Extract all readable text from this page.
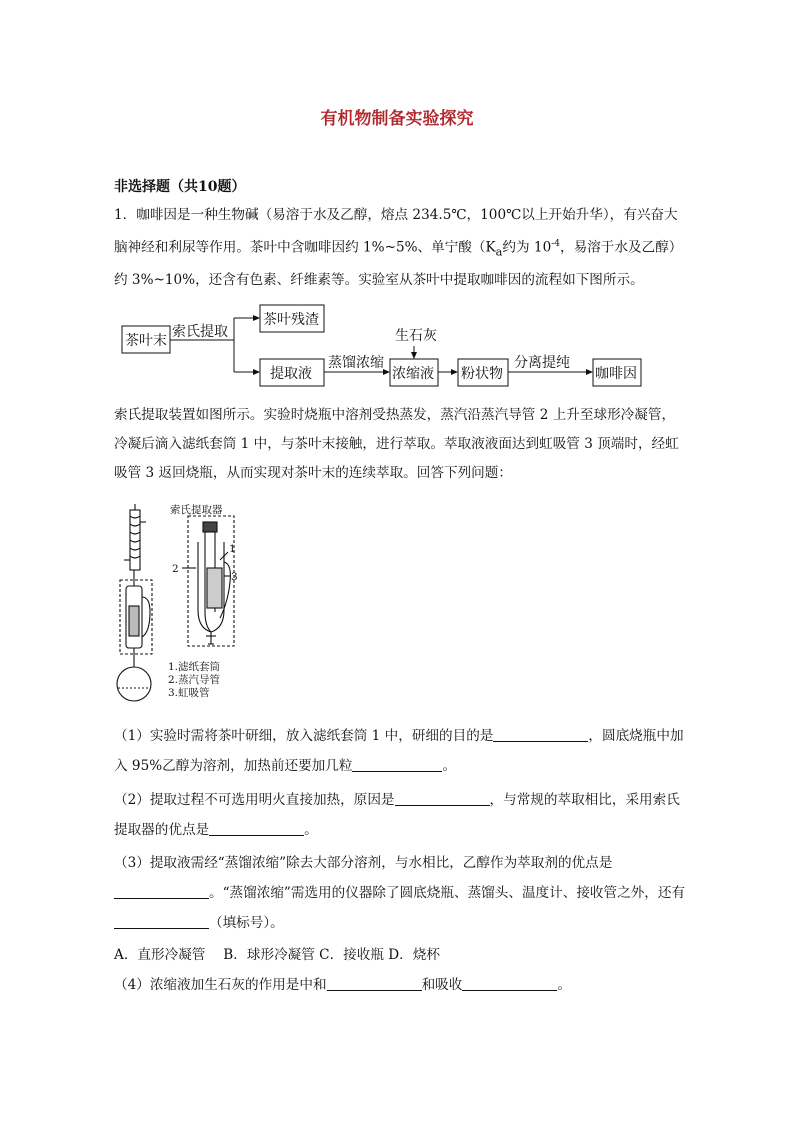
有机物制备实验探究
非选择题（共10题）
1．咖啡因是一种生物碱（易溶于水及乙醇，熔点 234.5℃，100℃以上开始升华），有兴奋大脑神经和利尿等作用。茶叶中含咖啡因约 1%~5%、单宁酸（$K_a$约为 $10^{-4}$，易溶于水及乙醇）约 3%~10%，还含有色素、纤维素等。实验室从茶叶中提取咖啡因的流程如下图所示。
茶叶末
索氏提取
茶叶残渣
提取液
蒸馏浓缩
生石灰
浓缩液 粉状物
分离提纯
咖啡因
索氏提取装置如图所示。实验时烧瓶中溶剂受热蒸发，蒸汽沿蒸汽导管 2 上升至球形冷凝管，冷凝后滴入滤纸套筒 1 中，与茶叶末接触，进行萃取。萃取液液面达到虹吸管 3 顶端时，经虹吸管 3 返回烧瓶，从而实现对茶叶末的连续萃取。回答下列问题：
索氏提取器
1
2
3
1.滤纸套筒
2.蒸汽导管
3.虹吸管
（1）实验时需将茶叶研细，放入滤纸套筒 1 中，研细的目的是	，圆底烧瓶中加入 95%乙醇为溶剂，加热前还要加几粒	。
（2）提取过程不可选用明火直接加热，原因是	，与常规的萃取相比，采用索氏提取器的优点是	。
（3）提取液需经“蒸馏浓缩”除去大部分溶剂，与水相比，乙醇作为萃取剂的优点是。“蒸馏浓缩”需选用的仪器除了圆底烧瓶、蒸馏头、温度计、接收管之外，还有（填标号）。
A．直形冷凝管　 B．球形冷凝管 C．接收瓶 D．烧杯
（4）浓缩液加生石灰的作用是中和	和吸收	。
